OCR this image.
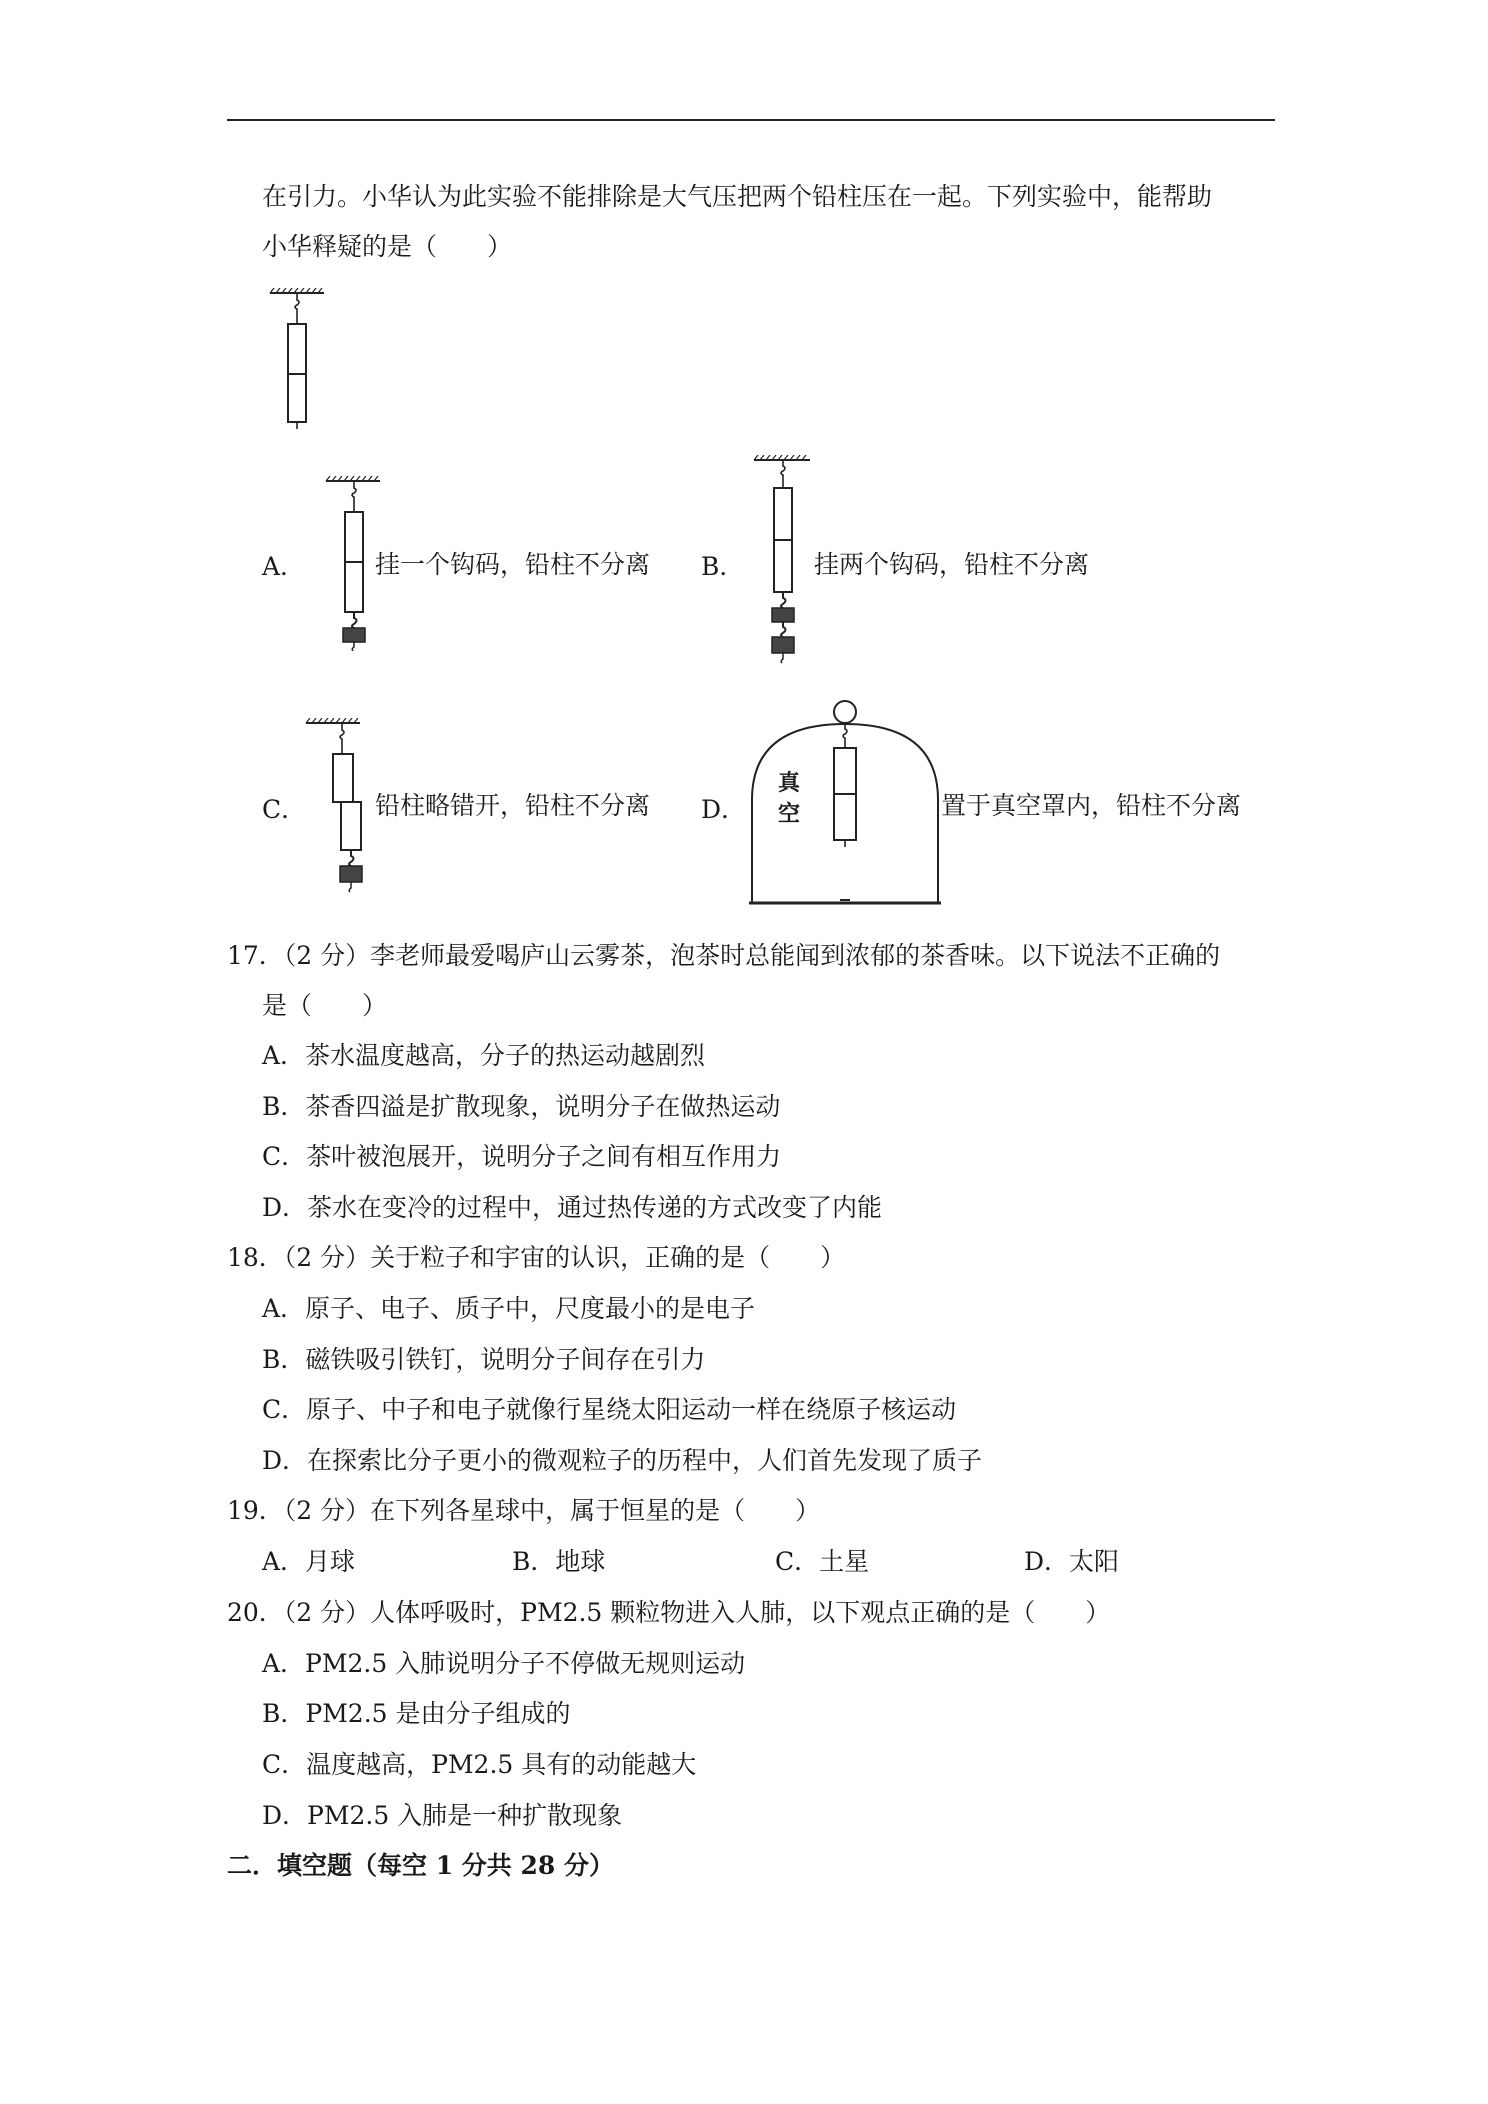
在引力。小华认为此实验不能排除是大气压把两个铅柱压在一起。下列实验中，能帮助
小华释疑的是（　　）
A．	挂一个钩码，铅柱不分离 B．	挂两个钩码，铅柱不分离
C．	铅柱略错开，铅柱不分离 D．
真
空	置于真空罩内，铅柱不分离
17．（2 分）李老师最爱喝庐山云雾茶，泡茶时总能闻到浓郁的茶香味。以下说法不正确的
是（　　）
A．茶水温度越高，分子的热运动越剧烈
B．茶香四溢是扩散现象，说明分子在做热运动
C．茶叶被泡展开，说明分子之间有相互作用力
D．茶水在变冷的过程中，通过热传递的方式改变了内能
18．（2 分）关于粒子和宇宙的认识，正确的是（　　）
A．原子、电子、质子中，尺度最小的是电子
B．磁铁吸引铁钉，说明分子间存在引力
C．原子、中子和电子就像行星绕太阳运动一样在绕原子核运动
D．在探索比分子更小的微观粒子的历程中，人们首先发现了质子
19．（2 分）在下列各星球中，属于恒星的是（　　）
A．月球	B．地球	C．土星	D．太阳
20．（2 分）人体呼吸时，PM2.5 颗粒物进入人肺，以下观点正确的是（　　）
A．PM2.5 入肺说明分子不停做无规则运动
B．PM2.5 是由分子组成的
C．温度越高，PM2.5 具有的动能越大
D．PM2.5 入肺是一种扩散现象
二．填空题（每空 1 分共 28 分）
